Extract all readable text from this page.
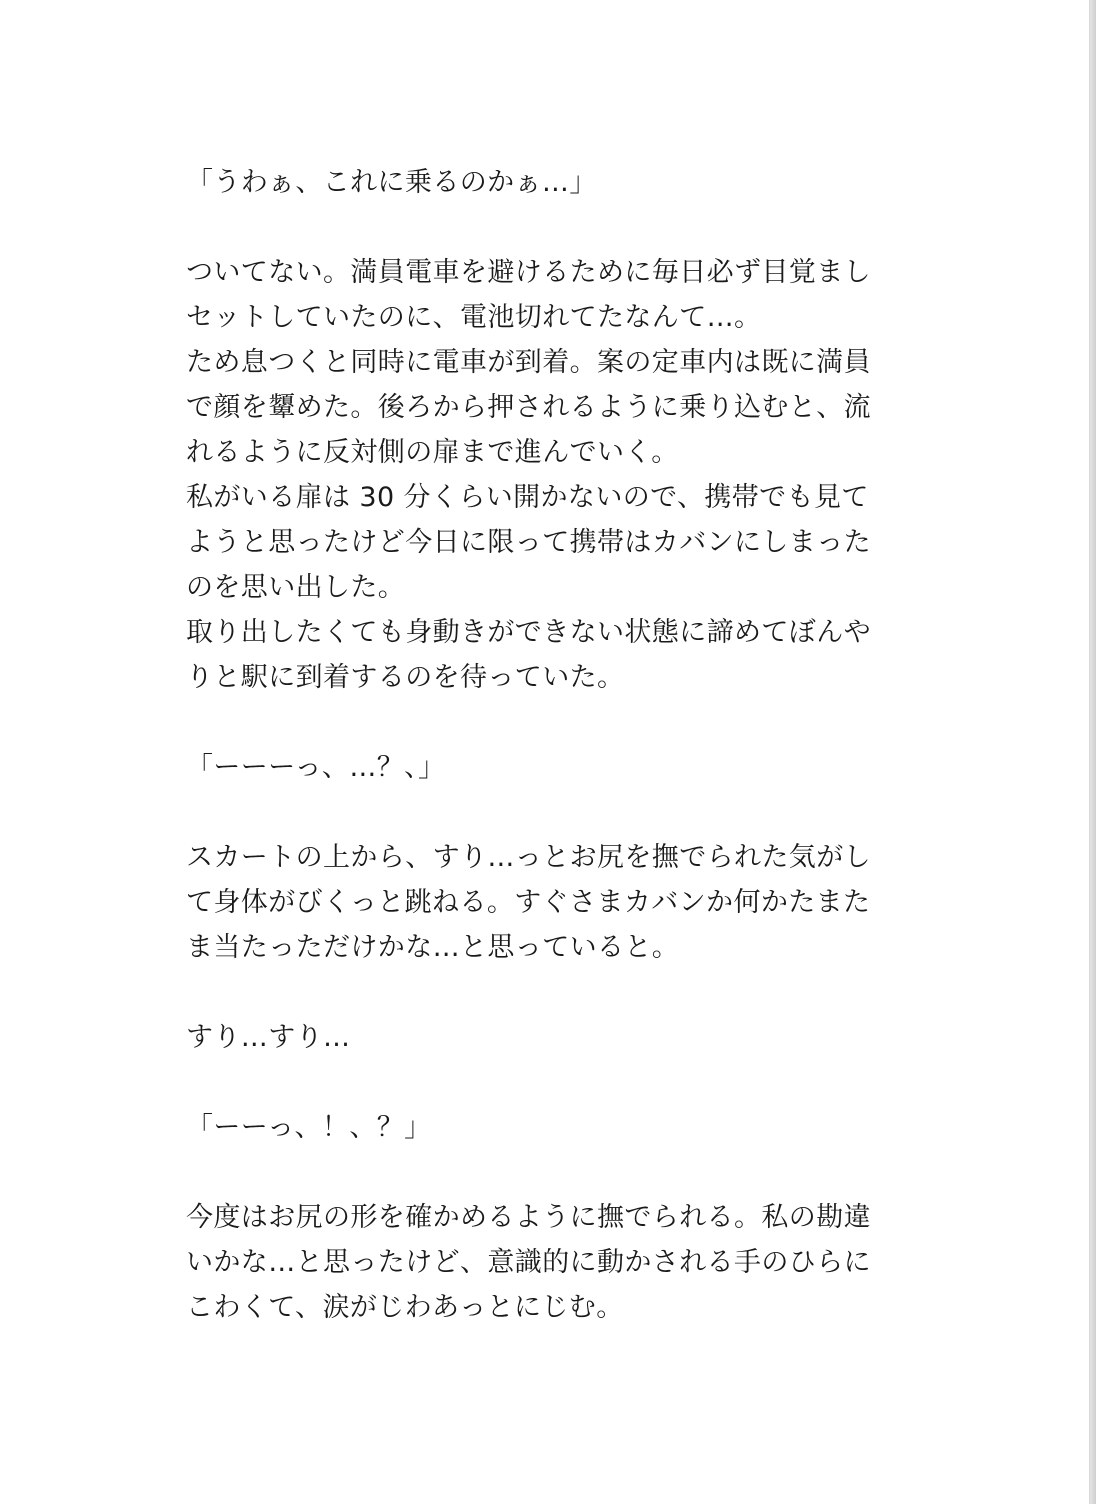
「うわぁ、これに乗るのかぁ…」
ついてない。満員電車を避けるために毎日必ず目覚まし
セットしていたのに、電池切れてたなんて…。
ため息つくと同時に電車が到着。案の定車内は既に満員
で顔を顰めた。後ろから押されるように乗り込むと、流
れるように反対側の扉まで進んでいく。
私がいる扉は 30 分くらい開かないので、携帯でも見て
ようと思ったけど今日に限って携帯はカバンにしまった
のを思い出した。
取り出したくても身動きができない状態に諦めてぼんや
りと駅に到着するのを待っていた。
「ーーーっ、…？、」
スカートの上から、すり…っとお尻を撫でられた気がし
て身体がびくっと跳ねる。すぐさまカバンか何かたまた
ま当たっただけかな…と思っていると。
すり…すり…
「ーーっ、！、？」
今度はお尻の形を確かめるように撫でられる。私の勘違
いかな…と思ったけど、意識的に動かされる手のひらに
こわくて、涙がじわあっとにじむ。
